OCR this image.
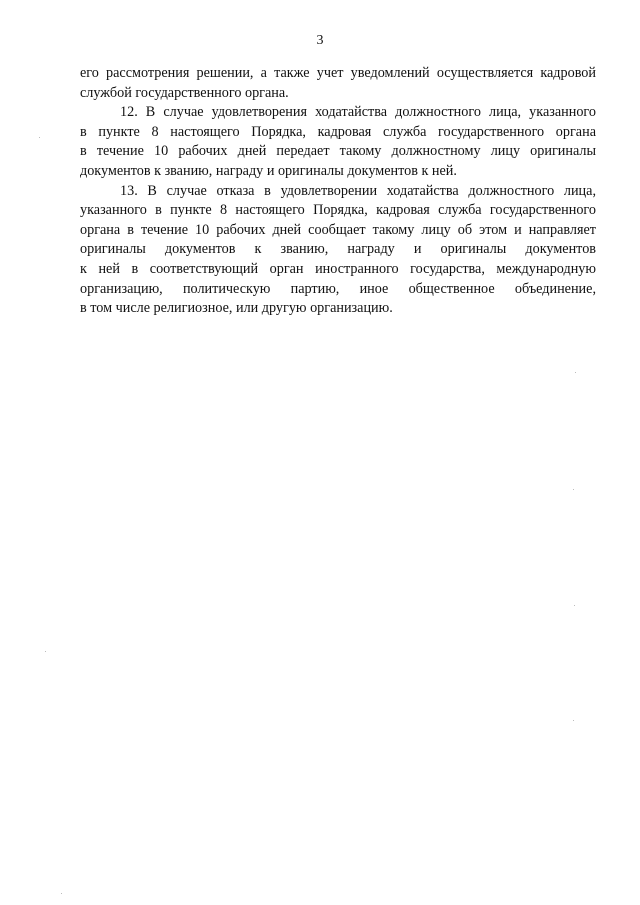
3
его рассмотрения решении, а также учет уведомлений осуществляется кадровой
службой государственного органа.
12. В случае удовлетворения ходатайства должностного лица, указанного
в пункте 8 настоящего Порядка, кадровая служба государственного органа
в течение 10 рабочих дней передает такому должностному лицу оригиналы
документов к званию, награду и оригиналы документов к ней.
13. В случае отказа в удовлетворении ходатайства должностного лица,
указанного в пункте 8 настоящего Порядка, кадровая служба государственного
органа в течение 10 рабочих дней сообщает такому лицу об этом и направляет
оригиналы документов к званию, награду и оригиналы документов
к ней в соответствующий орган иностранного государства, международную
организацию, политическую партию, иное общественное объединение,
в том числе религиозное, или другую организацию.
